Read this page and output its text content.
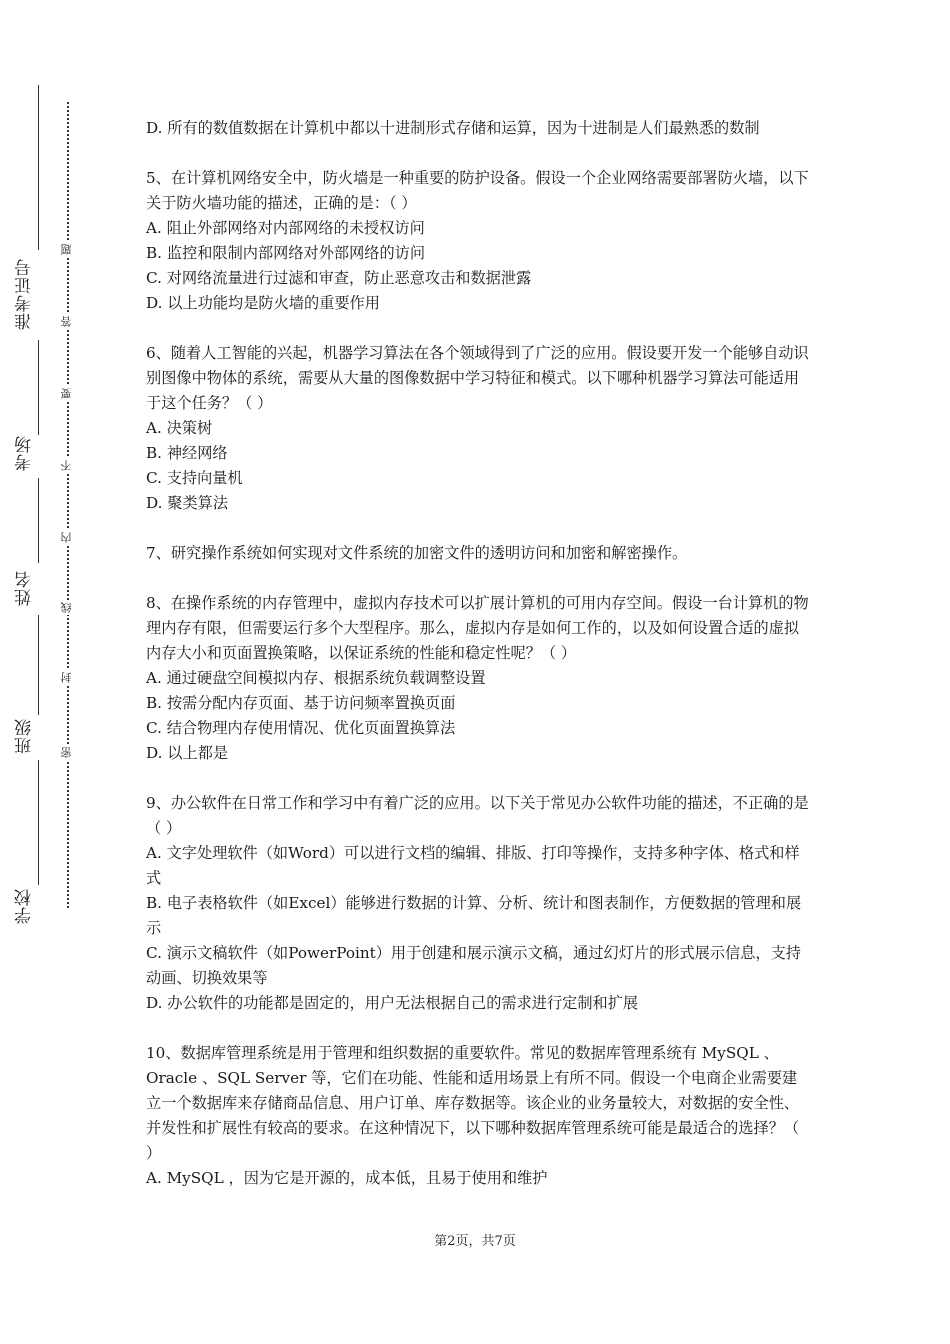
准考证号
考场
姓名
班级
学校
密
封
线
内
不
要
答
题

D. 所有的数值数据在计算机中都以十进制形式存储和运算，因为十进制是人们最熟悉的数制

5、在计算机网络安全中，防火墙是一种重要的防护设备。假设一个企业网络需要部署防火墙，以下关于防火墙功能的描述，正确的是：（ ）

A. 阻止外部网络对内部网络的未授权访问

B. 监控和限制内部网络对外部网络的访问

C. 对网络流量进行过滤和审查，防止恶意攻击和数据泄露

D. 以上功能均是防火墙的重要作用

6、随着人工智能的兴起，机器学习算法在各个领域得到了广泛的应用。假设要开发一个能够自动识别图像中物体的系统，需要从大量的图像数据中学习特征和模式。以下哪种机器学习算法可能适用于这个任务？（ ）

A. 决策树

B. 神经网络

C. 支持向量机

D. 聚类算法

7、研究操作系统如何实现对文件系统的加密文件的透明访问和加密和解密操作。

8、在操作系统的内存管理中，虚拟内存技术可以扩展计算机的可用内存空间。假设一台计算机的物理内存有限，但需要运行多个大型程序。那么，虚拟内存是如何工作的，以及如何设置合适的虚拟内存大小和页面置换策略，以保证系统的性能和稳定性呢？（ ）

A. 通过硬盘空间模拟内存、根据系统负载调整设置

B. 按需分配内存页面、基于访问频率置换页面

C. 结合物理内存使用情况、优化页面置换算法

D. 以上都是

9、办公软件在日常工作和学习中有着广泛的应用。以下关于常见办公软件功能的描述，不正确的是（ ）

A. 文字处理软件（如Word）可以进行文档的编辑、排版、打印等操作，支持多种字体、格式和样式

B. 电子表格软件（如Excel）能够进行数据的计算、分析、统计和图表制作，方便数据的管理和展示

C. 演示文稿软件（如PowerPoint）用于创建和展示演示文稿，通过幻灯片的形式展示信息，支持动画、切换效果等

D. 办公软件的功能都是固定的，用户无法根据自己的需求进行定制和扩展

10、数据库管理系统是用于管理和组织数据的重要软件。常见的数据库管理系统有 MySQL 、Oracle 、SQL Server 等，它们在功能、性能和适用场景上有所不同。假设一个电商企业需要建立一个数据库来存储商品信息、用户订单、库存数据等。该企业的业务量较大，对数据的安全性、并发性和扩展性有较高的要求。在这种情况下，以下哪种数据库管理系统可能是最适合的选择？（ ）

A. MySQL ，因为它是开源的，成本低，且易于使用和维护

第2页，共7页
